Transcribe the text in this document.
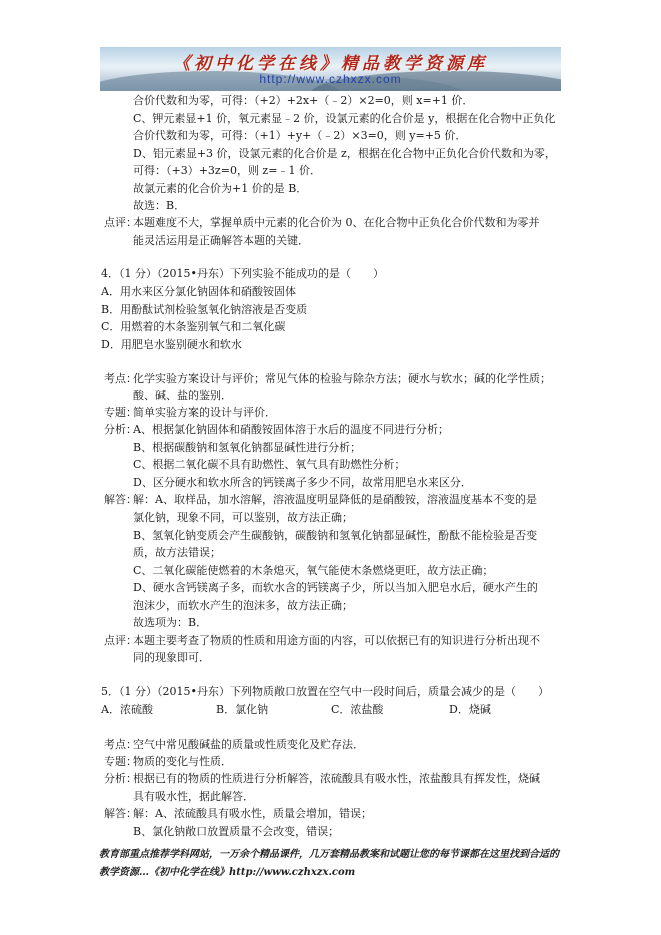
《初中化学在线》精品教学资源库
http://www.czhxzx.com
合价代数和为零，可得：（+2）+2x+（﹣2）×2=0，则 x=+1 价．
C、钾元素显+1 价，氧元素显﹣2 价，设氯元素的化合价是 y，根据在化合物中正负化
合价代数和为零，可得：（+1）+y+（﹣2）×3=0，则 y=+5 价．
D、铝元素显+3 价，设氯元素的化合价是 z，根据在化合物中正负化合价代数和为零，
可得：（+3）+3z=0，则 z=﹣1 价．
故氯元素的化合价为+1 价的是 B．
故选：B．
点评：
本题难度不大，掌握单质中元素的化合价为 0、在化合物中正负化合价代数和为零并
能灵活运用是正确解答本题的关键．
4．（1 分）（2015•丹东）下列实验不能成功的是（　　）
A．用水来区分氯化钠固体和硝酸铵固体
B．用酚酞试剂检验氢氧化钠溶液是否变质
C．用燃着的木条鉴别氧气和二氧化碳
D．用肥皂水鉴别硬水和软水
考点：
化学实验方案设计与评价；常见气体的检验与除杂方法；硬水与软水；碱的化学性质；
酸、碱、盐的鉴别．
专题：
简单实验方案的设计与评价．
分析：
A、根据氯化钠固体和硝酸铵固体溶于水后的温度不同进行分析；
B、根据碳酸钠和氢氧化钠都显碱性进行分析；
C、根据二氧化碳不具有助燃性、氧气具有助燃性分析；
D、区分硬水和软水所含的钙镁离子多少不同，故常用肥皂水来区分．
解答：
解：A、取样品，加水溶解，溶液温度明显降低的是硝酸铵，溶液温度基本不变的是
氯化钠，现象不同，可以鉴别，故方法正确；
B、氢氧化钠变质会产生碳酸钠，碳酸钠和氢氧化钠都显碱性，酚酞不能检验是否变
质，故方法错误；
C、二氧化碳能使燃着的木条熄灭，氧气能使木条燃烧更旺，故方法正确；
D、硬水含钙镁离子多，而软水含的钙镁离子少，所以当加入肥皂水后，硬水产生的
泡沫少，而软水产生的泡沫多，故方法正确；
故选项为：B．
点评：
本题主要考查了物质的性质和用途方面的内容，可以依据已有的知识进行分析出现不
同的现象即可．
5．（1 分）（2015•丹东）下列物质敞口放置在空气中一段时间后，质量会减少的是（　　）
A．浓硫酸	B．氯化钠	C．浓盐酸	D．烧碱
考点：
空气中常见酸碱盐的质量或性质变化及贮存法．
专题：
物质的变化与性质．
分析：
根据已有的物质的性质进行分析解答，浓硫酸具有吸水性，浓盐酸具有挥发性，烧碱
具有吸水性，据此解答．
解答：
解：A、浓硫酸具有吸水性，质量会增加，错误；
B、氯化钠敞口放置质量不会改变，错误；
教育部重点推荐学科网站，一万余个精品课件，几万套精品教案和试题让您的每节课都在这里找到合适的
教学资源…《初中化学在线》http://www.czhxzx.com
